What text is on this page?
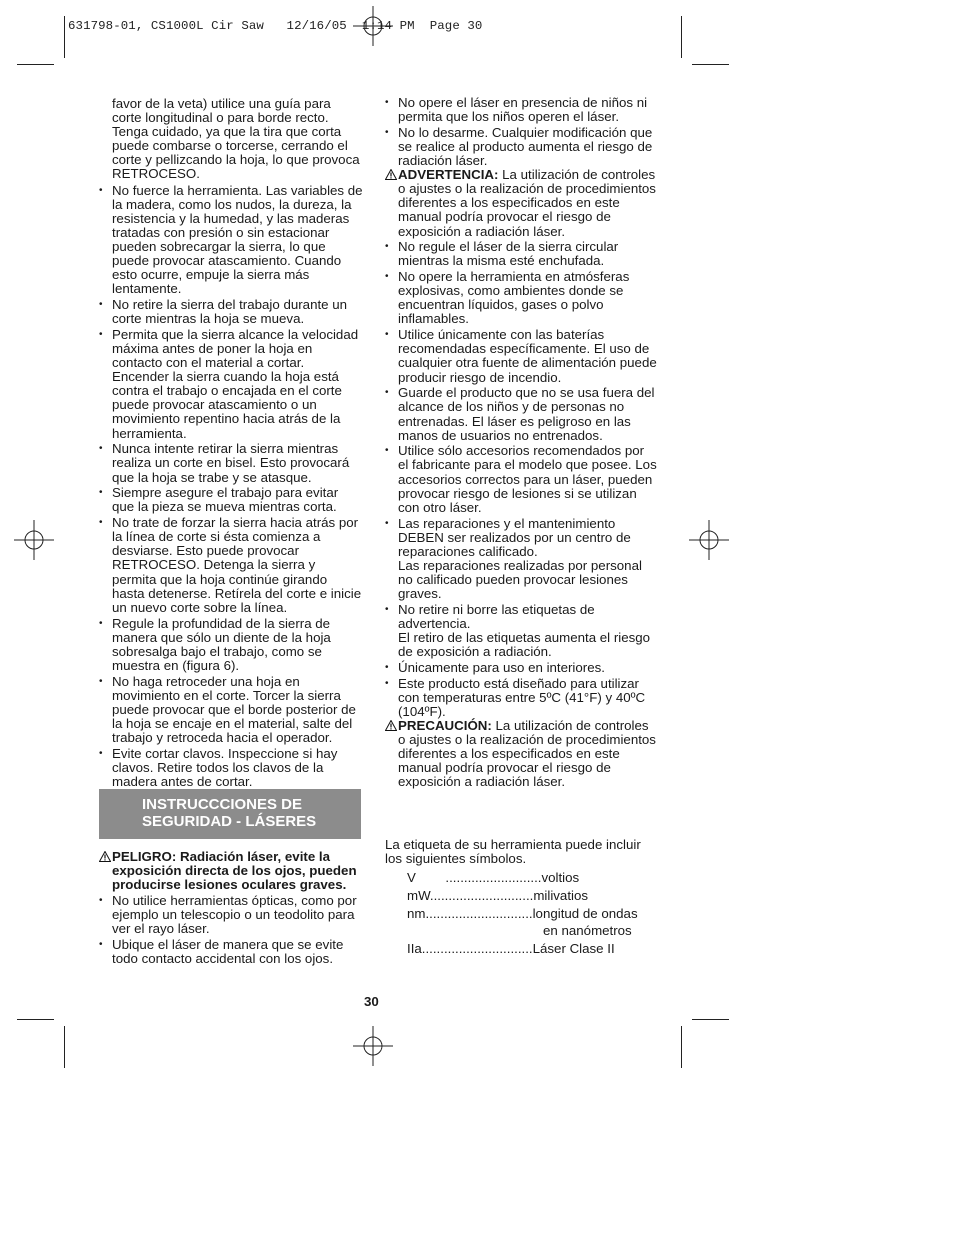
631798-01, CS1000L Cir Saw   12/16/05  1:14 PM  Page 30

favor de la veta) utilice una guía para corte longitudinal o para borde recto. Tenga cuidado, ya que la tira que corta puede combarse o torcerse, cerrando el corte y pellizcando la hoja, lo que provoca RETROCESO.

• No fuerce la herramienta. Las variables de la madera, como los nudos, la dureza, la resistencia y la humedad, y las maderas tratadas con presión o sin estacionar pueden sobrecargar la sierra, lo que puede provocar atascamiento. Cuando esto ocurre, empuje la sierra más lentamente.

• No retire la sierra del trabajo durante un corte mientras la hoja se mueva.

• Permita que la sierra alcance la velocidad máxima antes de poner la hoja en contacto con el material a cortar.

Encender la sierra cuando la hoja está contra el trabajo o encajada en el corte puede provocar atascamiento o un movimiento repentino hacia atrás de la herramienta.

• Nunca intente retirar la sierra mientras realiza un corte en bisel. Esto provocará que la hoja se trabe y se atasque.

• Siempre asegure el trabajo para evitar que la pieza se mueva mientras corta.

• No trate de forzar la sierra hacia atrás por la línea de corte si ésta comienza a desviarse. Esto puede provocar RETROCESO. Detenga la sierra y permita que la hoja continúe girando hasta detenerse. Retírela del corte e inicie un nuevo corte sobre la línea.

• Regule la profundidad de la sierra de manera que sólo un diente de la hoja sobresalga bajo el trabajo, como se muestra en (figura 6).

• No haga retroceder una hoja en movimiento en el corte. Torcer la sierra puede provocar que el borde posterior de la hoja se encaje en el material, salte del trabajo y retroceda hacia el operador.

• Evite cortar clavos. Inspeccione si hay clavos. Retire todos los clavos de la madera antes de cortar.

INSTRUCCCIONES DE
SEGURIDAD - LÁSERES

PELIGRO: Radiación láser, evite la exposición directa de los ojos, pueden producirse lesiones oculares graves.

• No utilice herramientas ópticas, como por ejemplo un telescopio o un teodolito para ver el rayo láser.

• Ubique el láser de manera que se evite todo contacto accidental con los ojos.

• No opere el láser en presencia de niños ni permita que los niños operen el láser.

• No lo desarme. Cualquier modificación que se realice al producto aumenta el riesgo de radiación láser.

ADVERTENCIA: La utilización de controles o ajustes o la realización de procedimientos diferentes a los especificados en este manual podría provocar el riesgo de exposición a radiación láser.

• No regule el láser de la sierra circular mientras la misma esté enchufada.

• No opere la herramienta en atmósferas explosivas, como ambientes donde se encuentran líquidos, gases o polvo inflamables.

• Utilice únicamente con las baterías recomendadas específicamente. El uso de cualquier otra fuente de alimentación puede producir riesgo de incendio.

• Guarde el producto que no se usa fuera del alcance de los niños y de personas no entrenadas. El láser es peligroso en las manos de usuarios no entrenados.

• Utilice sólo accesorios recomendados por el fabricante para el modelo que posee. Los accesorios correctos para un láser, pueden provocar riesgo de lesiones si se utilizan con otro láser.

• Las reparaciones y el mantenimiento DEBEN ser realizados por un centro de reparaciones calificado.

Las reparaciones realizadas por personal no calificado pueden provocar lesiones graves.

• No retire ni borre las etiquetas de advertencia.

El retiro de las etiquetas aumenta el riesgo de exposición a radiación.

• Únicamente para uso en interiores.

• Este producto está diseñado para utilizar con temperaturas entre 5ºC (41°F) y 40ºC (104ºF).

PRECAUCIÓN: La utilización de controles o ajustes o la realización de procedimientos diferentes a los especificados en este manual podría provocar el riesgo de exposición a radiación láser.

La etiqueta de su herramienta puede incluir los siguientes símbolos.
V        ..........................voltios
mW............................milivatios
nm.............................longitud de ondas
en nanómetros
IIa..............................Láser Clase II
30
